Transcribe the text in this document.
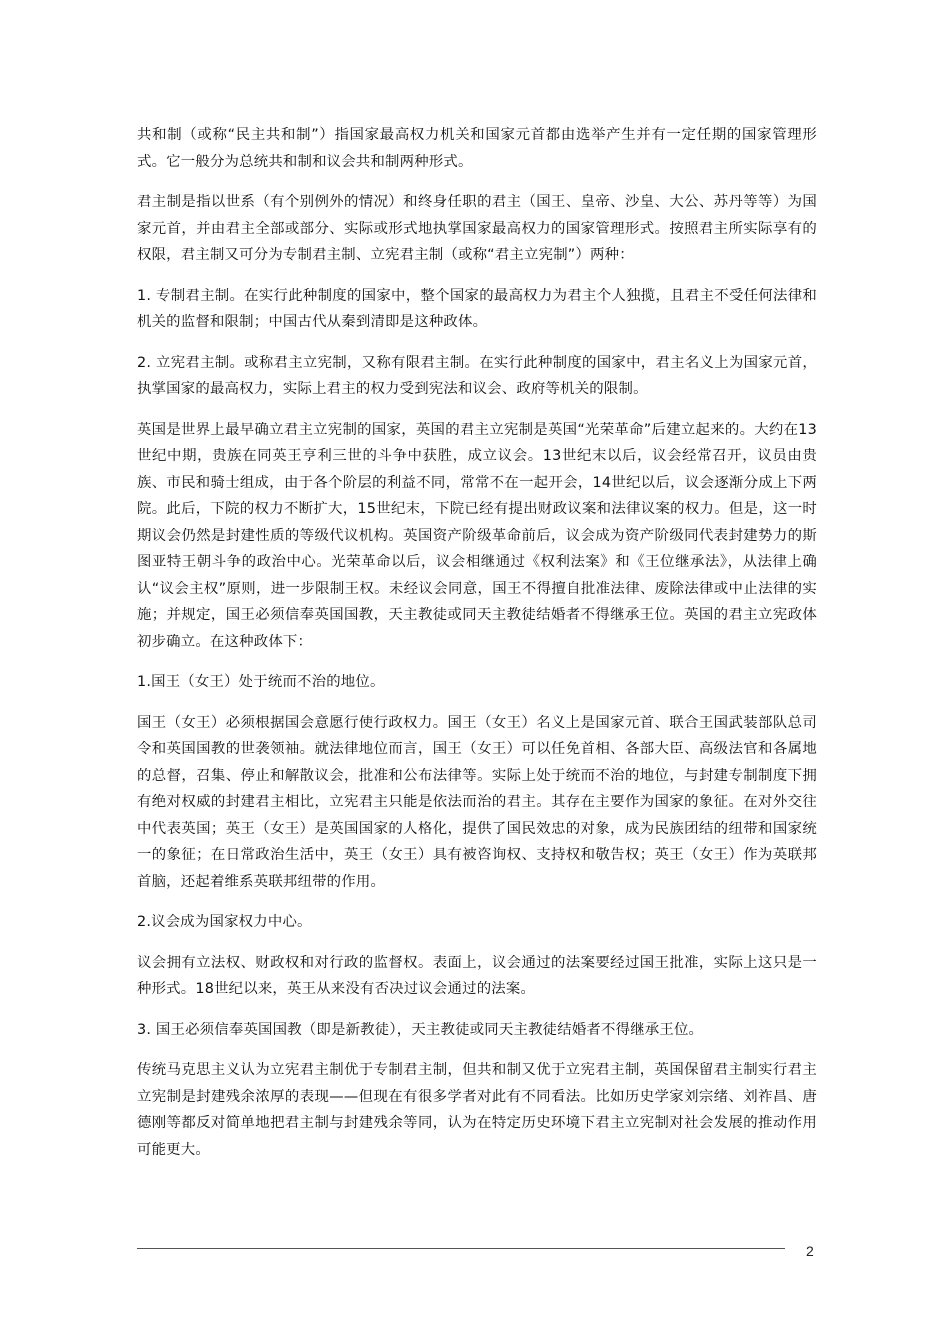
共和制（或称“民主共和制”）指国家最高权力机关和国家元首都由选举产生并有一定任期的国家管理形式。它一般分为总统共和制和议会共和制两种形式。

君主制是指以世系（有个别例外的情况）和终身任职的君主（国王、皇帝、沙皇、大公、苏丹等等）为国家元首，并由君主全部或部分、实际或形式地执掌国家最高权力的国家管理形式。按照君主所实际享有的权限，君主制又可分为专制君主制、立宪君主制（或称“君主立宪制”）两种：

1. 专制君主制。在实行此种制度的国家中，整个国家的最高权力为君主个人独揽，且君主不受任何法律和机关的监督和限制；中国古代从秦到清即是这种政体。

2. 立宪君主制。或称君主立宪制，又称有限君主制。在实行此种制度的国家中，君主名义上为国家元首，执掌国家的最高权力，实际上君主的权力受到宪法和议会、政府等机关的限制。

英国是世界上最早确立君主立宪制的国家，英国的君主立宪制是英国“光荣革命”后建立起来的。大约在13世纪中期，贵族在同英王亨利三世的斗争中获胜，成立议会。13世纪末以后，议会经常召开，议员由贵族、市民和骑士组成，由于各个阶层的利益不同，常常不在一起开会，14世纪以后，议会逐渐分成上下两院。此后，下院的权力不断扩大，15世纪末，下院已经有提出财政议案和法律议案的权力。但是，这一时期议会仍然是封建性质的等级代议机构。英国资产阶级革命前后，议会成为资产阶级同代表封建势力的斯图亚特王朝斗争的政治中心。光荣革命以后，议会相继通过《权利法案》和《王位继承法》，从法律上确认“议会主权”原则，进一步限制王权。未经议会同意，国王不得擅自批准法律、废除法律或中止法律的实施；并规定，国王必须信奉英国国教，天主教徒或同天主教徒结婚者不得继承王位。英国的君主立宪政体初步确立。在这种政体下：

1.国王（女王）处于统而不治的地位。

国王（女王）必须根据国会意愿行使行政权力。国王（女王）名义上是国家元首、联合王国武装部队总司令和英国国教的世袭领袖。就法律地位而言，国王（女王）可以任免首相、各部大臣、高级法官和各属地的总督，召集、停止和解散议会，批准和公布法律等。实际上处于统而不治的地位，与封建专制制度下拥有绝对权威的封建君主相比，立宪君主只能是依法而治的君主。其存在主要作为国家的象征。在对外交往中代表英国；英王（女王）是英国国家的人格化，提供了国民效忠的对象，成为民族团结的纽带和国家统一的象征；在日常政治生活中，英王（女王）具有被咨询权、支持权和敬告权；英王（女王）作为英联邦首脑，还起着维系英联邦纽带的作用。

2.议会成为国家权力中心。

议会拥有立法权、财政权和对行政的监督权。表面上，议会通过的法案要经过国王批准，实际上这只是一种形式。18世纪以来，英王从来没有否决过议会通过的法案。

3. 国王必须信奉英国国教（即是新教徒），天主教徒或同天主教徒结婚者不得继承王位。

传统马克思主义认为立宪君主制优于专制君主制，但共和制又优于立宪君主制，英国保留君主制实行君主立宪制是封建残余浓厚的表现——但现在有很多学者对此有不同看法。比如历史学家刘宗绪、刘祚昌、唐德刚等都反对简单地把君主制与封建残余等同，认为在特定历史环境下君主立宪制对社会发展的推动作用可能更大。

2
